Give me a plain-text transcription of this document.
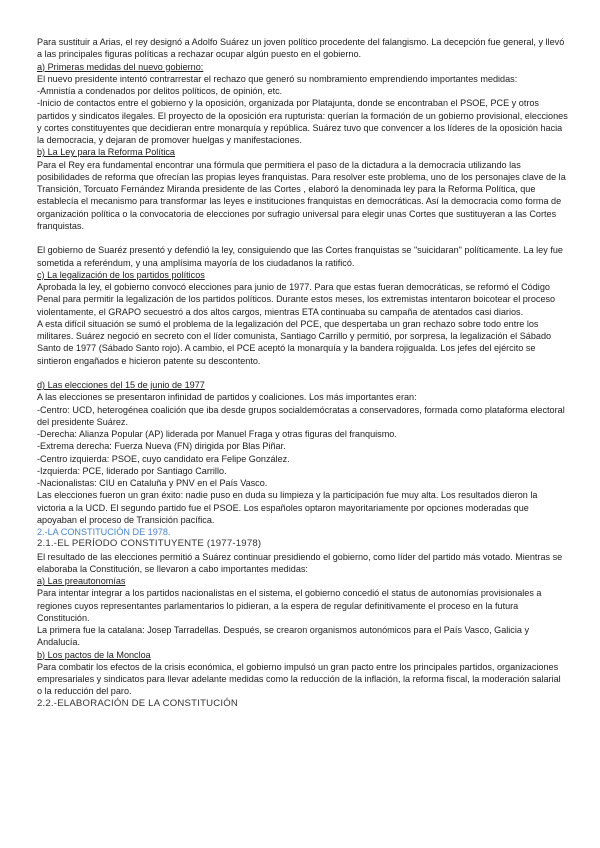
Para sustituir a Arias, el rey designó a Adolfo Suárez un joven político procedente del falangismo. La decepción fue general, y llevó a las principales figuras políticas a rechazar ocupar algún puesto en el gobierno.

a) Primeras medidas del nuevo gobierno:

El nuevo presidente intentó contrarrestar el rechazo que generó su nombramiento emprendiendo importantes medidas:

-Amnistía a condenados por delitos políticos, de opinión, etc.

-Inicio de contactos entre el gobierno y la oposición, organizada por Platajunta, donde se encontraban el PSOE, PCE y otros partidos y sindicatos ilegales. El proyecto de la oposición era rupturista: querían la formación de un gobierno provisional, elecciones y cortes constituyentes que decidieran entre monarquía y república. Suárez tuvo que convencer a los líderes de la oposición hacia la democracia, y dejaran de promover huelgas y manifestaciones.

b) La Ley para la Reforma Política

Para el Rey era fundamental encontrar una fórmula que permitiera el paso de la dictadura a la democracia utilizando las posibilidades de reforma que ofrecían las propias leyes franquistas. Para resolver este problema, uno de los personajes clave de la Transición, Torcuato Fernández Miranda presidente de las Cortes , elaboró la denominada ley para la Reforma Política, que establecía el mecanismo para transformar las leyes e instituciones franquistas en democráticas. Así la democracia como forma de organización política o la convocatoria de elecciones por sufragio universal para elegir unas Cortes que sustituyeran a las Cortes franquistas.

El gobierno de Suaréz presentó y defendió la ley, consiguiendo que las Cortes franquistas se "suicidaran" políticamente. La ley fue sometida a referéndum, y una amplísima mayoría de los ciudadanos la ratificó.

c) La legalización de los partidos políticos

Aprobada la ley, el gobierno convocó elecciones para junio de 1977. Para que estas fueran democráticas, se reformó el Código Penal para permitir la legalización de los partidos políticos. Durante estos meses, los extremistas intentaron boicotear el proceso violentamente, el GRAPO secuestró a dos altos cargos, mientras ETA continuaba su campaña de atentados casi diarios.

A esta difícil situación se sumó el problema de la legalización del PCE, que despertaba un gran rechazo sobre todo entre los militares. Suárez negoció en secreto con el líder comunista, Santiago Carrillo y permitió, por sorpresa, la legalización el Sábado Santo de 1977 (Sábado Santo rojo). A cambio, el PCE aceptó la monarquía y la bandera rojigualda. Los jefes del ejército se sintieron engañados e hicieron patente su descontento.

d) Las elecciones del 15 de junio de 1977

A las elecciones se presentaron infinidad de partidos y coaliciones. Los más importantes eran:

-Centro: UCD, heterogénea coalición que iba desde grupos socialdemócratas a conservadores, formada como plataforma electoral del presidente Suárez.

-Derecha: Alianza Popular (AP) liderada por Manuel Fraga y otras figuras del franquismo.

-Extrema derecha: Fuerza Nueva (FN) dirigida por Blas Piñar.

-Centro izquierda: PSOE, cuyo candidato era Felipe González.

-Izquierda: PCE, liderado por Santiago Carrillo.

-Nacionalistas: CIU en Cataluña y PNV en el País Vasco.

Las elecciones fueron un gran éxito: nadie puso en duda su limpieza y la participación fue muy alta. Los resultados dieron la victoria a la UCD. El segundo partido fue el PSOE. Los españoles optaron mayoritariamente por opciones moderadas que apoyaban el proceso de Transición pacífica.

2.-LA CONSTITUCIÓN DE 1978.

2.1.-EL PERÍODO CONSTITUYENTE (1977-1978)

El resultado de las elecciones permitió a Suárez continuar presidiendo el gobierno, como líder del partido más votado. Mientras se elaboraba la Constitución, se llevaron a cabo importantes medidas:

a) Las preautonomías

Para intentar integrar a los partidos nacionalistas en el sistema, el gobierno concedió el status de autonomías provisionales a regiones cuyos representantes parlamentarios lo pidieran, a la espera de regular definitivamente el proceso en la futura Constitución.

La primera fue la catalana: Josep Tarradellas. Después, se crearon organismos autonómicos para el País Vasco, Galicia y Andalucía.

b) Los pactos de la Moncloa

Para combatir los efectos de la crisis económica, el gobierno impulsó un gran pacto entre los principales partidos, organizaciones empresariales y sindicatos para llevar adelante medidas como la reducción de la inflación, la reforma fiscal, la moderación salarial o la reducción del paro.

2.2.-ELABORACIÓN DE LA CONSTITUCIÓN
